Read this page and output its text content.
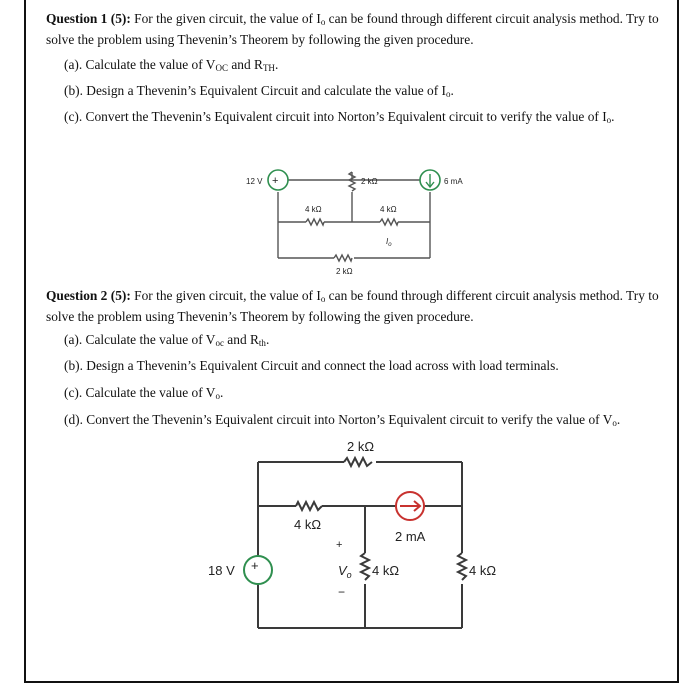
Question 1 (5): For the given circuit, the value of $I_o$ can be found through different circuit analysis method. Try to solve the problem using Thevenin’s Theorem by following the given procedure.

(a). Calculate the value of $V_{OC}$ and $R_{TH}$.

(b). Design a Thevenin’s Equivalent Circuit and calculate the value of $I_o$.

(c). Convert the Thevenin’s Equivalent circuit into Norton’s Equivalent circuit to verify the value of $I_o$.

+
12 V	2 kΩ	6 mA
4 kΩ	4 kΩ
$I_o$
2 kΩ

Question 2 (5): For the given circuit, the value of $I_o$ can be found through different circuit analysis method. Try to solve the problem using Thevenin’s Theorem by following the given procedure.

(a). Calculate the value of $V_{oc}$ and $R_{th}$.

(b). Design a Thevenin’s Equivalent Circuit and connect the load across with load terminals.

(c). Calculate the value of $V_o$.

(d). Convert the Thevenin’s Equivalent circuit into Norton’s Equivalent circuit to verify the value of $V_o$.

2 kΩ
4 kΩ
2 mA
+
18 V
+
$V_o$
−
4 kΩ	4 kΩ
